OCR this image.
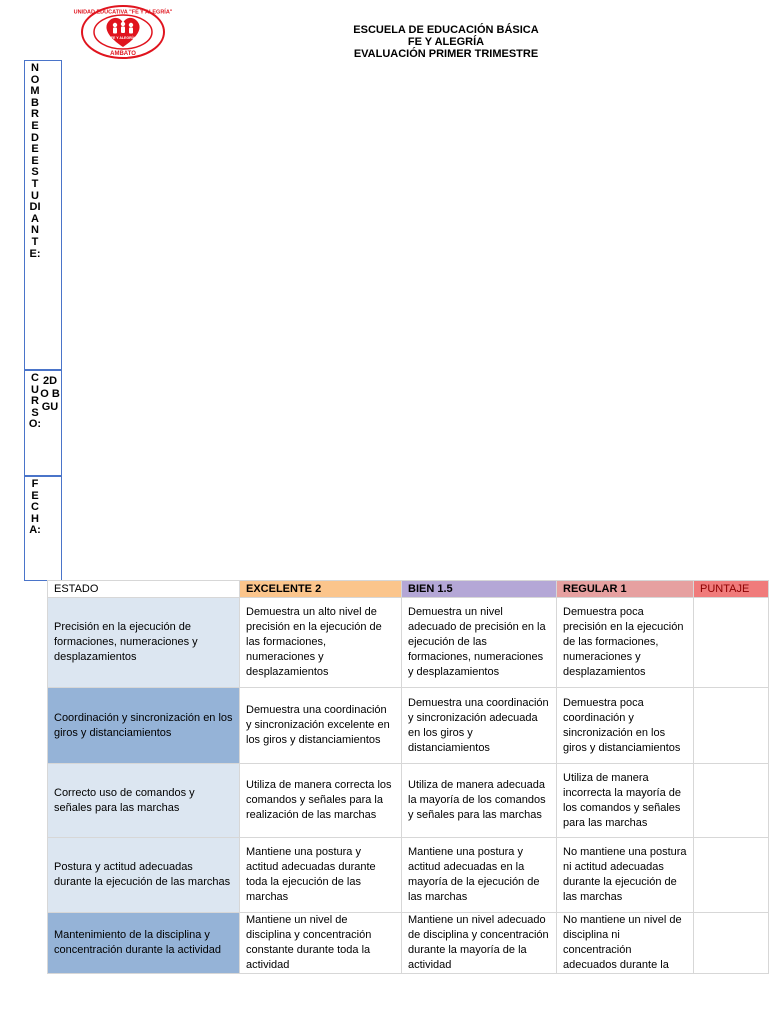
UNIDAD EDUCATIVA "FE Y ALEGRÍA"
FE Y ALEGRÍA
AMBATO
ESCUELA DE EDUCACIÓN BÁSICA
FE Y ALEGRÍA
EVALUACIÓN PRIMER TRIMESTRE
NOMBRE DE ESTUDIANTE:
CURSO:
2DO BGU
FECHA:
ESTADO	EXCELENTE 2	BIEN 1.5	REGULAR 1	PUNTAJE
Precisión en la ejecución de formaciones, numeraciones y desplazamientos	Demuestra un alto nivel de precisión en la ejecución de las formaciones, numeraciones y desplazamientos	Demuestra un nivel adecuado de precisión en la ejecución de las formaciones, numeraciones y desplazamientos	Demuestra poca precisión en la ejecución de las formaciones, numeraciones y desplazamientos	
Coordinación y sincronización en los giros y distanciamientos	Demuestra una coordinación y sincronización excelente en los giros y distanciamientos	Demuestra una coordinación y sincronización adecuada en los giros y distanciamientos	Demuestra poca coordinación y sincronización en los giros y distanciamientos	
Correcto uso de comandos y señales para las marchas	Utiliza de manera correcta los comandos y señales para la realización de las marchas	Utiliza de manera adecuada la mayoría de los comandos y señales para las marchas	Utiliza de manera incorrecta la mayoría de los comandos y señales para las marchas	
Postura y actitud adecuadas durante la ejecución de las marchas	Mantiene una postura y actitud adecuadas durante toda la ejecución de las marchas	Mantiene una postura y actitud adecuadas en la mayoría de la ejecución de las marchas	No mantiene una postura ni actitud adecuadas durante la ejecución de las marchas	
Mantenimiento de la disciplina y concentración durante la actividad	Mantiene un nivel de disciplina y concentración constante durante toda la actividad	Mantiene un nivel adecuado de disciplina y concentración durante la mayoría de la actividad	No mantiene un nivel de disciplina ni concentración adecuados durante la	
